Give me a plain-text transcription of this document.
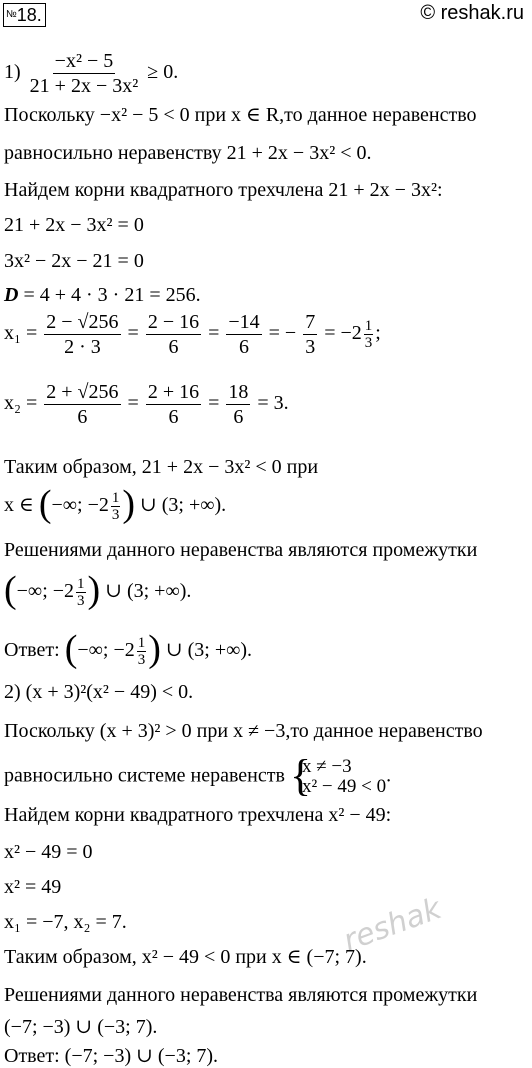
№18.	© reshak.ru
$1) \frac{\text{−x² − 5}}{\text{21 + 2x − 3x²}} \ge 0$.
Поскольку −x² − 5 < 0 при x ∈ R,то данное неравенство
равносильно неравенству 21 + 2x − 3x² < 0.
Найдем корни квадратного трехчлена 21 + 2x − 3x²:
21 + 2x − 3x² = 0
3x² − 2x − 21 = 0
D = 4 + 4 · 3 · 21 = 256.
$x_1 = \frac{2 - √256}{2 \cdot 3} = \frac{2 - 16}{6} = \frac{-14}{6}$ = − $\frac{7}{3} = -2 \frac{1}{3}$ ;
$x_2 = \frac{2 + √256}{6} = \frac{2 + 16}{6} = \frac{18}{6} = 3$.
Таким образом, 21 + 2x − 3x² < 0 при
x ∈ (−∞; $-2 \frac{1}{3}$ ) ∪ (3; +∞).
Решениями данного неравенства являются промежутки
(−∞; $-2 \frac{1}{3}$ ) ∪ (3; +∞).
Ответ: (−∞; $-2 \frac{1}{3}$ ) ∪ (3; +∞).
2) (x + 3)²(x² − 49) < 0.
Поскольку (x + 3)² > 0 при x ≠ −3,то данное неравенство
равносильно системе неравенств {
x ≠ −3
x² − 49 < 0 .
Найдем корни квадратного трехчлена x² − 49:
x² − 49 = 0
x² = 49
x₁ = −7, x₂ = 7.
Таким образом, x² − 49 < 0 при x ∈ (−7; 7).
Решениями данного неравенства являются промежутки
(−7; −3) ∪ (−3; 7).
Ответ: (−7; −3) ∪ (−3; 7).
reshak
